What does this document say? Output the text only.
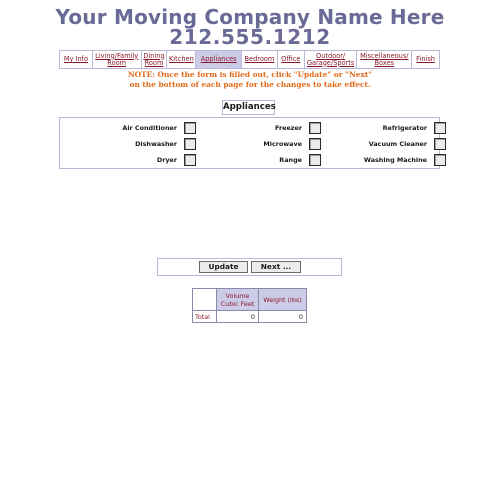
Your Moving Company Name Here
212.555.1212
My Info	Living/Family Room
Dining Room Kitchen	Appliances	Bedroom	Office	Outdoor/ Garage/Sports
Miscellaneous/ Boxes	Finish
NOTE: Once the form is filled out, click "Update" or "Next"
on the bottom of each page for the changes to take effect.
Appliances
Air Conditioner	Freezer	Refrigerator
Dishwasher	Microwave	Vacuum Cleaner
Dryer	Range	Washing Machine
Update	Next ...
	Volume Cubic Feet	Weight (lbs)
Total	0	0
